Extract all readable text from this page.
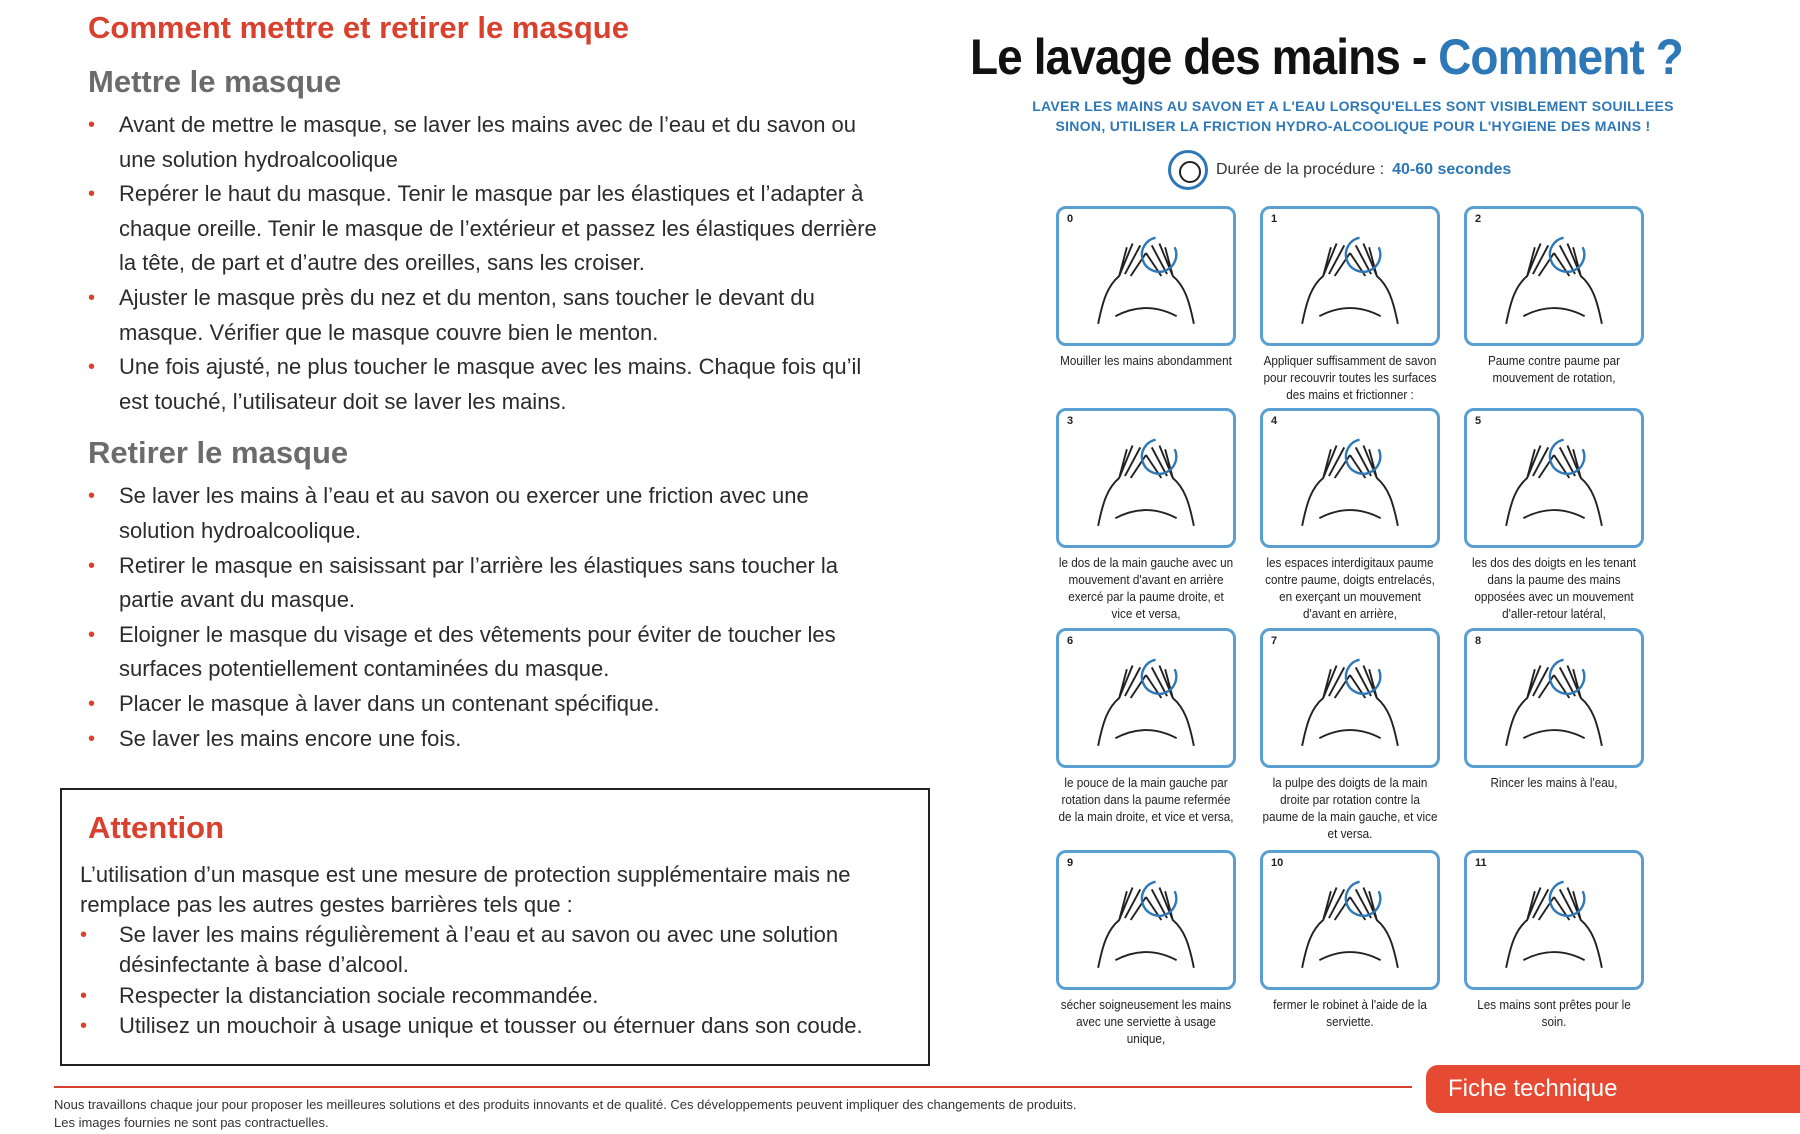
Comment mettre et retirer le masque
Mettre le masque
• Avant de mettre le masque, se laver les mains avec de l’eau et du savon ou une solution hydroalcoolique
• Repérer le haut du masque. Tenir le masque par les élastiques et l’adapter à chaque oreille. Tenir le masque de l’extérieur et passez les élastiques derrière la tête, de part et d’autre des oreilles, sans les croiser.
• Ajuster le masque près du nez et du menton, sans toucher le devant du masque. Vérifier que le masque couvre bien le menton.
• Une fois ajusté, ne plus toucher le masque avec les mains. Chaque fois qu’il est touché, l’utilisateur doit se laver les mains.
Retirer le masque
• Se laver les mains à l’eau et au savon ou exercer une friction avec une solution hydroalcoolique.
• Retirer le masque en saisissant par l’arrière les élastiques sans toucher la partie avant du masque.
• Eloigner le masque du visage et des vêtements pour éviter de toucher les surfaces potentiellement contaminées du masque.
• Placer le masque à laver dans un contenant spécifique.
• Se laver les mains encore une fois.
Attention

L’utilisation d’un masque est une mesure de protection supplémentaire mais ne remplace pas les autres gestes barrières tels que :

• Se laver les mains régulièrement à l’eau et au savon ou avec une solution désinfectante à base d’alcool.
• Respecter la distanciation sociale recommandée.
• Utilisez un mouchoir à usage unique et tousser ou éternuer dans son coude.
Le lavage des mains - Comment ?
LAVER LES MAINS AU SAVON ET A L'EAU LORSQU'ELLES SONT VISIBLEMENT SOUILLEES
SINON, UTILISER LA FRICTION HYDRO-ALCOOLIQUE POUR L'HYGIENE DES MAINS !
Durée de la procédure : 40-60 secondes
0
Mouiller les mains abondamment
1
Appliquer suffisamment de savon pour recouvrir toutes les surfaces des mains et frictionner :
2
Paume contre paume par mouvement de rotation,
3
le dos de la main gauche avec un mouvement d'avant en arrière exercé par la paume droite, et vice et versa,
4
les espaces interdigitaux paume contre paume, doigts entrelacés, en exerçant un mouvement d'avant en arrière,
5
les dos des doigts en les tenant dans la paume des mains opposées avec un mouvement d'aller-retour latéral,
6
le pouce de la main gauche par rotation dans la paume refermée de la main droite, et vice et versa,
7
la pulpe des doigts de la main droite par rotation contre la paume de la main gauche, et vice et versa.
8
Rincer les mains à l'eau,
9
sécher soigneusement les mains avec une serviette à usage unique,
10
fermer le robinet à l'aide de la serviette.
11
Les mains sont prêtes pour le soin.
Nous travaillons chaque jour pour proposer les meilleures solutions et des produits innovants et de qualité. Ces développements peuvent impliquer des changements de produits.
Les images fournies ne sont pas contractuelles.
Fiche technique
